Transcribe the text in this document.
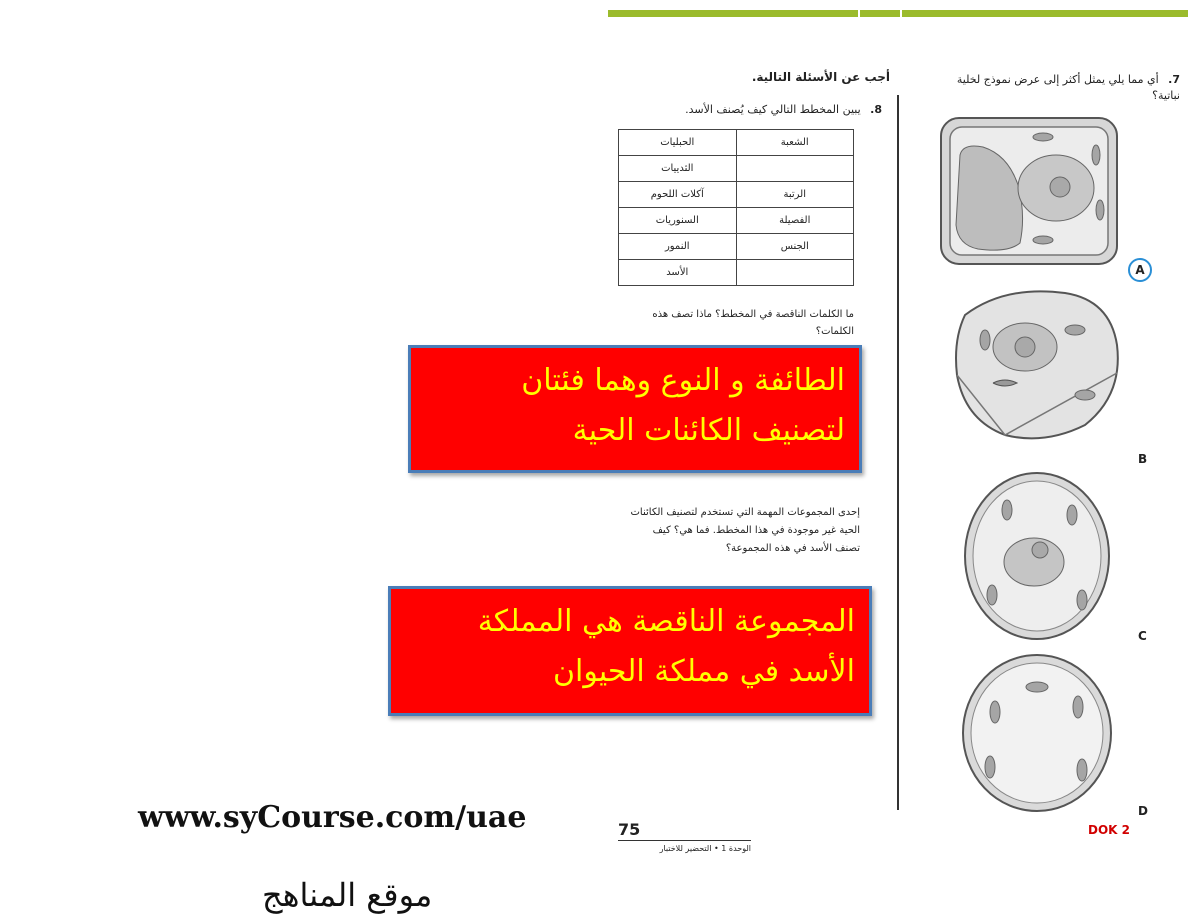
7. أي مما يلي يمثل أكثر إلى عرض نموذج لخلية نباتية؟
أجب عن الأسئلة التالية.
8. يبين المخطط التالي كيف يُصنف الأسد.
الشعبة	الحبليات
	الثدييات
الرتبة	آكلات اللحوم
الفصيلة	السنوريات
الجنس	النمور
	الأسد
ما الكلمات الناقصة في المخطط؟ ماذا تصف هذه الكلمات؟
الطائفة و النوع وهما فئتان
لتصنيف الكائنات الحية
إحدى المجموعات المهمة التي تستخدم لتصنيف الكائنات الحية غير موجودة في هذا المخطط. فما هي؟ كيف تصنف الأسد في هذه المجموعة؟
المجموعة الناقصة هي المملكة
الأسد في مملكة الحيوان
A
B
C
D
75
الوحدة 1 • التحضير للاختبار
DOK 2
www.syCourse.com/uae
موقع المناهج
